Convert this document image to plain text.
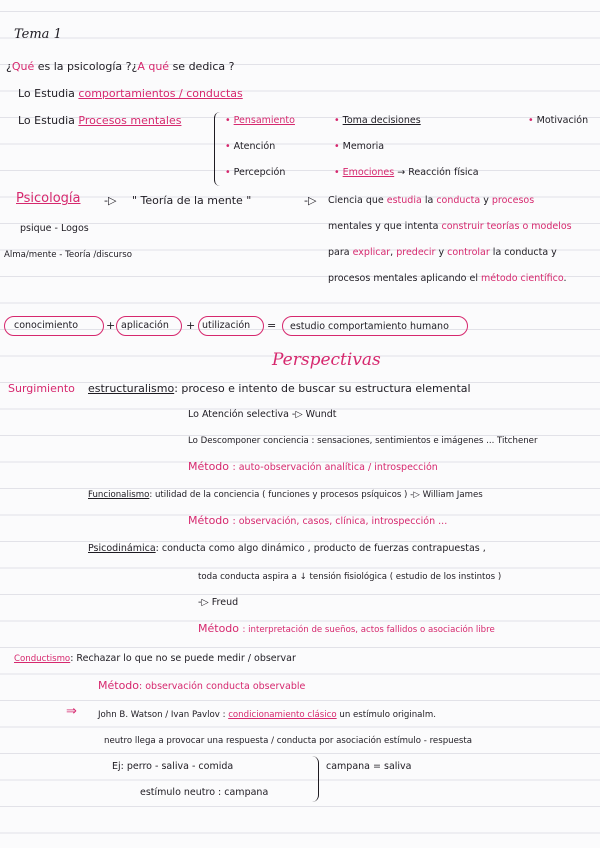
Tema 1
¿Qué es la psicología ?¿A qué se dedica ?
Lo Estudia comportamientos / conductas
Lo Estudia Procesos mentales	• Pensamiento
• Atención
• Percepción
• Toma decisiones
• Memoria
• Emociones → Reacción física
• Motivación
Psicología -▷ " Teoría de la mente "	-▷
psique - Logos
Alma/mente - Teoría /discurso
Ciencia que estudia la conducta y procesos
mentales y que intenta construir teorías o modelos
para explicar, predecir y controlar la conducta y
procesos mentales aplicando el método científico.
conocimiento	+ aplicación + utilización = estudio comportamiento humano
Perspectivas
Surgimiento estructuralismo: proceso e intento de buscar su estructura elemental
Lo Atención selectiva -▷ Wundt
Lo Descomponer conciencia : sensaciones, sentimientos e imágenes ... Titchener
Método : auto-observación analítica / introspección
Funcionalismo: utilidad de la conciencia ( funciones y procesos psíquicos ) -▷ William James
Método : observación, casos, clínica, introspección ...
Psicodinámica: conducta como algo dinámico , producto de fuerzas contrapuestas ,
toda conducta aspira a ↓ tensión fisiológica ( estudio de los instintos )
-▷ Freud
Método : interpretación de sueños, actos fallidos o asociación libre
Conductismo: Rechazar lo que no se puede medir / observar
Método: observación conducta observable
⇒ John B. Watson / Ivan Pavlov : condicionamiento clásico un estímulo originalm.
neutro llega a provocar una respuesta / conducta por asociación estímulo - respuesta
Ej: perro - saliva - comida
estímulo neutro : campana
campana = saliva
